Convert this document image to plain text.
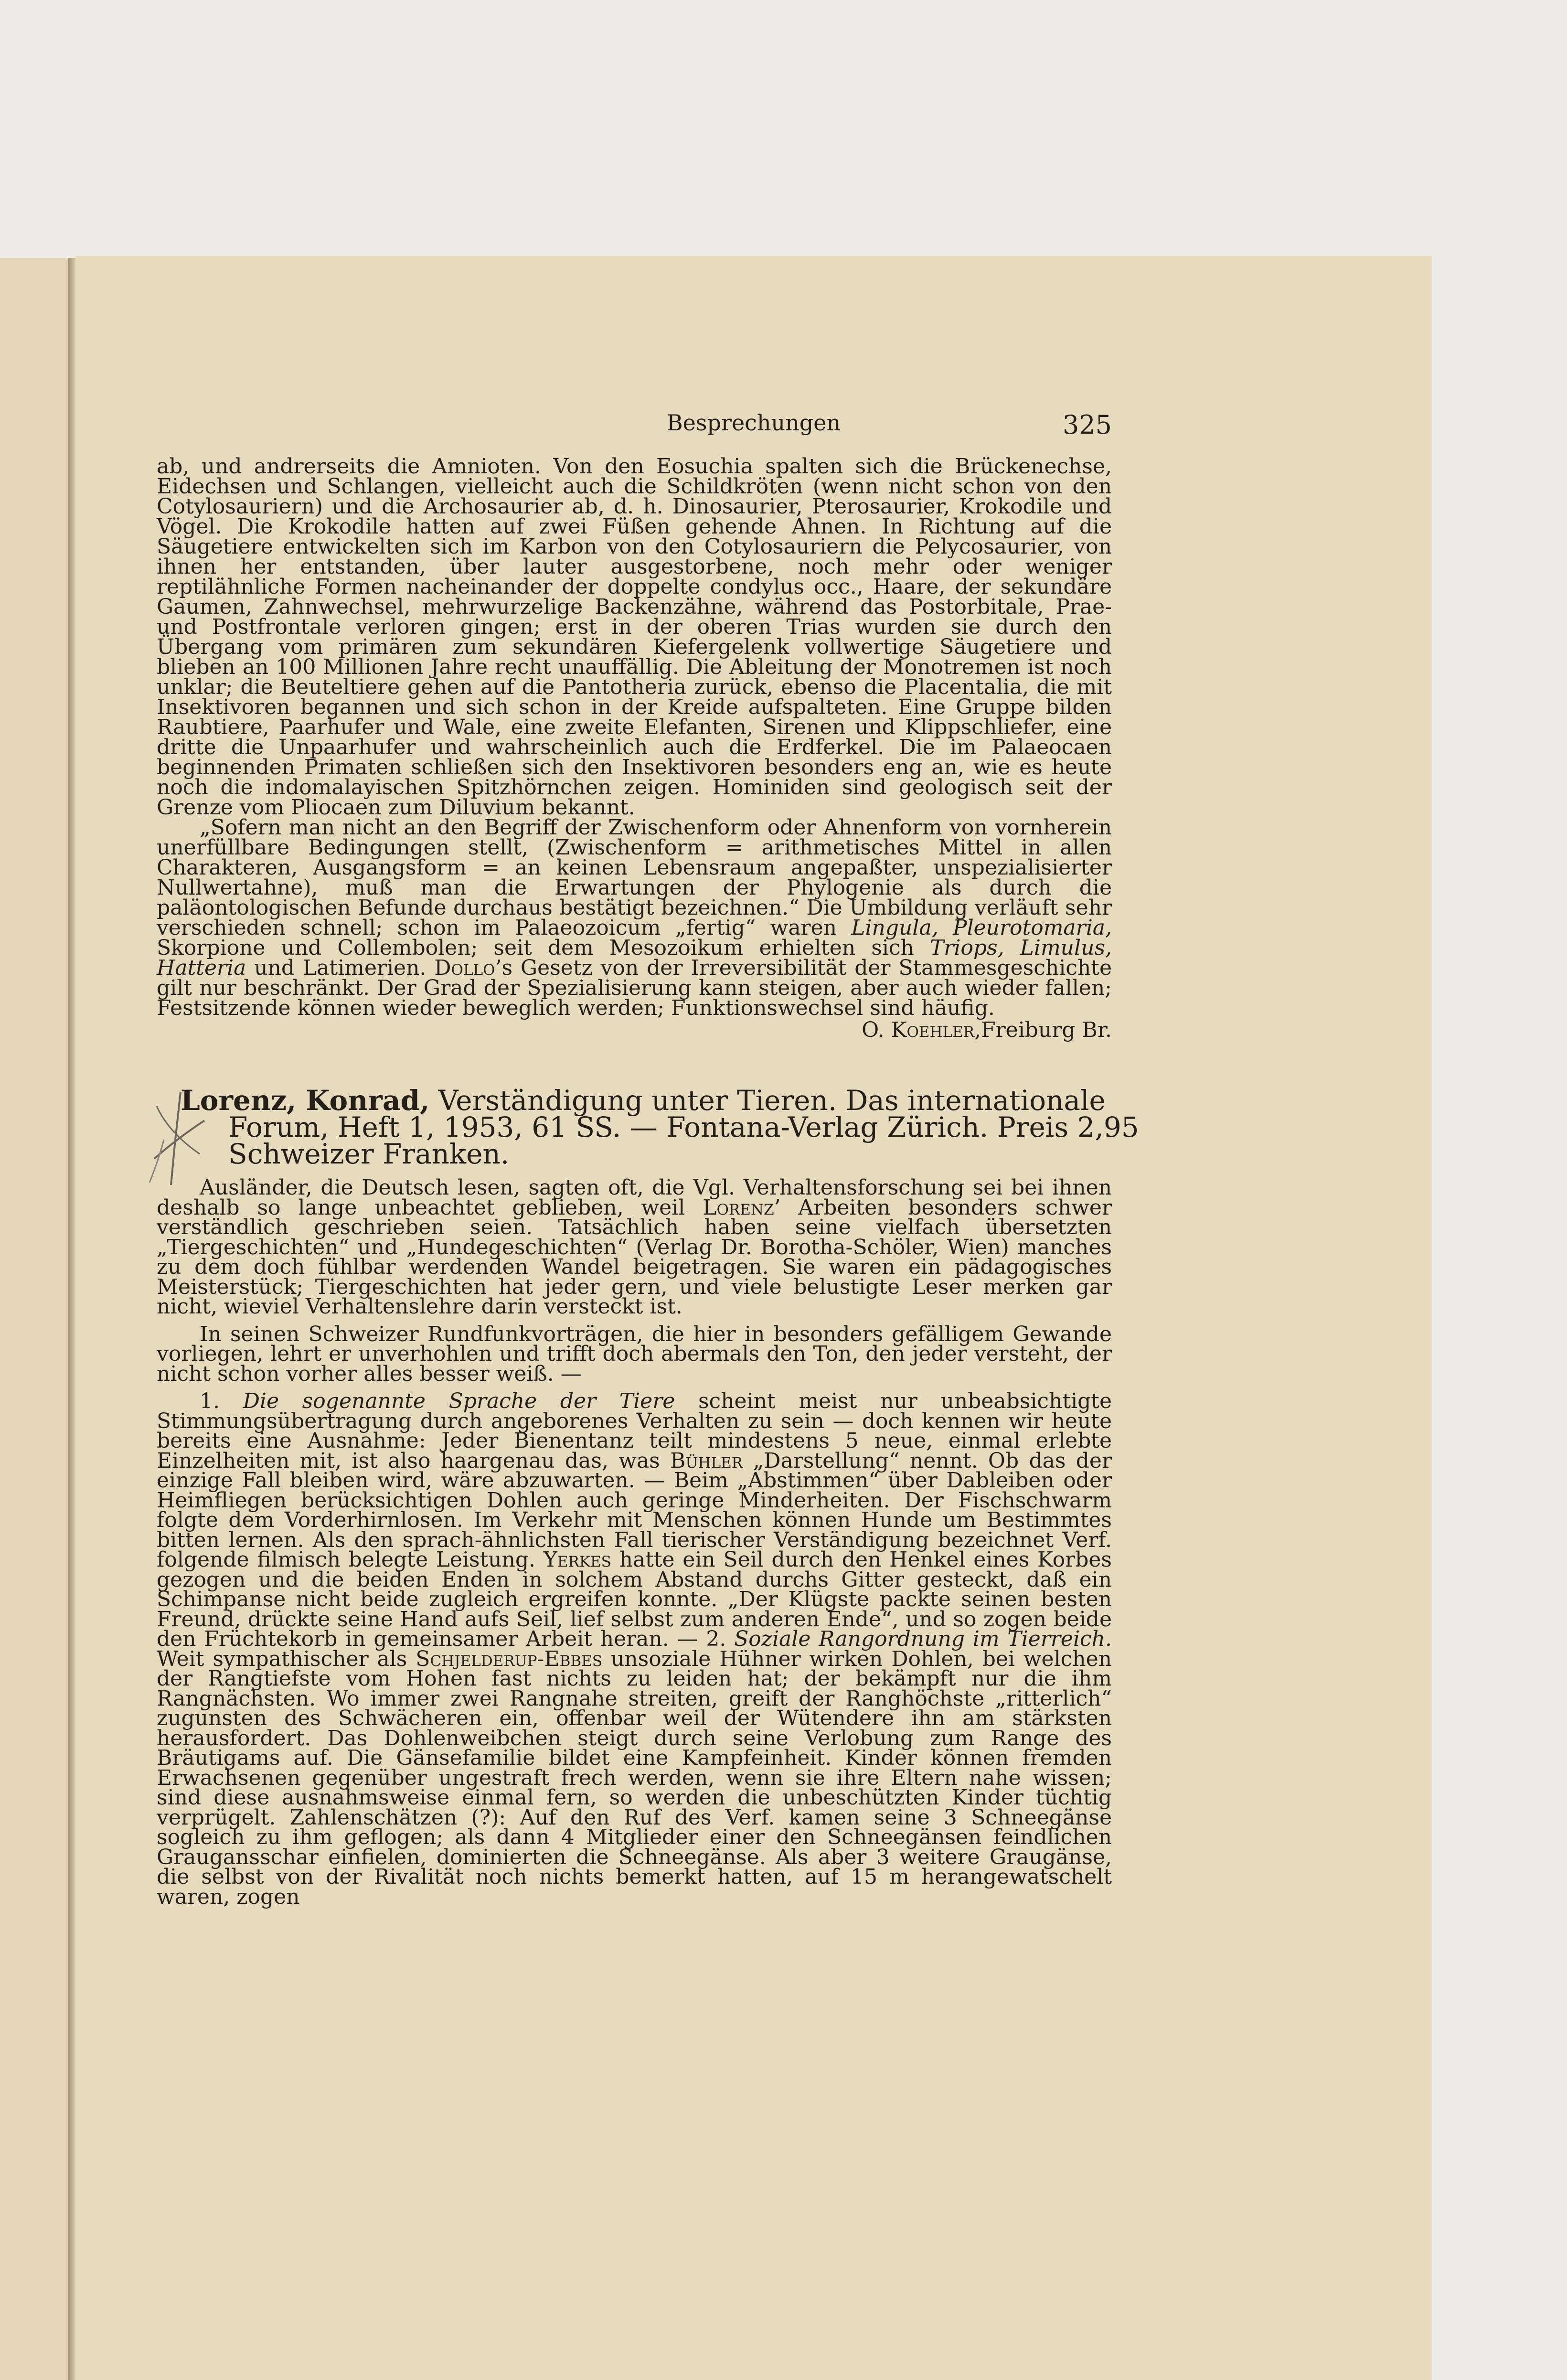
Besprechungen	325

ab, und andrerseits die Amnioten. Von den Eosuchia spalten sich die Brückenechse, Eidechsen und Schlangen, vielleicht auch die Schildkröten (wenn nicht schon von den Cotylosauriern) und die Archosaurier ab, d. h. Dinosaurier, Pterosaurier, Krokodile und Vögel. Die Krokodile hatten auf zwei Füßen gehende Ahnen. In Richtung auf die Säugetiere entwickelten sich im Karbon von den Cotylosauriern die Pelycosaurier, von ihnen her entstanden, über lauter ausgestorbene, noch mehr oder weniger reptilähnliche Formen nacheinander der doppelte condylus occ., Haare, der sekundäre Gaumen, Zahnwechsel, mehrwurzelige Backenzähne, während das Postorbitale, Prae- und Postfrontale verloren gingen; erst in der oberen Trias wurden sie durch den Übergang vom primären zum sekundären Kiefergelenk vollwertige Säugetiere und blieben an 100 Millionen Jahre recht unauffällig. Die Ableitung der Monotremen ist noch unklar; die Beuteltiere gehen auf die Pantotheria zurück, ebenso die Placentalia, die mit Insektivoren begannen und sich schon in der Kreide aufspalteten. Eine Gruppe bilden Raubtiere, Paarhufer und Wale, eine zweite Elefanten, Sirenen und Klippschliefer, eine dritte die Unpaarhufer und wahrscheinlich auch die Erdferkel. Die im Palaeocaen beginnenden Primaten schließen sich den Insektivoren besonders eng an, wie es heute noch die indomalayischen Spitzhörnchen zeigen. Hominiden sind geologisch seit der Grenze vom Pliocaen zum Diluvium bekannt.

„Sofern man nicht an den Begriff der Zwischenform oder Ahnenform von vornherein unerfüllbare Bedingungen stellt, (Zwischenform = arithmetisches Mittel in allen Charakteren, Ausgangsform = an keinen Lebensraum angepaßter, unspezialisierter Nullwertahne), muß man die Erwartungen der Phylogenie als durch die paläontologischen Befunde durchaus bestätigt bezeichnen.“ Die Umbildung verläuft sehr verschieden schnell; schon im Palaeozoicum „fertig“ waren Lingula, Pleurotomaria, Skorpione und Collembolen; seit dem Mesozoikum erhielten sich Triops, Limulus, Hatteria und Latimerien. Dollo’s Gesetz von der Irreversibilität der Stammesgeschichte gilt nur beschränkt. Der Grad der Spezialisierung kann steigen, aber auch wieder fallen; Festsitzende können wieder beweglich werden; Funktionswechsel sind häufig.

O. Koehler,Freiburg Br.

Lorenz, Konrad, Verständigung unter Tieren. Das internationale Forum, Heft 1, 1953, 61 SS. — Fontana-Verlag Zürich. Preis 2,95 Schweizer Franken.

Ausländer, die Deutsch lesen, sagten oft, die Vgl. Verhaltensforschung sei bei ihnen deshalb so lange unbeachtet geblieben, weil Lorenz’ Arbeiten besonders schwer verständlich geschrieben seien. Tatsächlich haben seine vielfach übersetzten „Tiergeschichten“ und „Hundegeschichten“ (Verlag Dr. Borotha-Schöler, Wien) manches zu dem doch fühlbar werdenden Wandel beigetragen. Sie waren ein pädagogisches Meisterstück; Tiergeschichten hat jeder gern, und viele belustigte Leser merken gar nicht, wieviel Verhaltenslehre darin versteckt ist.

In seinen Schweizer Rundfunkvorträgen, die hier in besonders gefälligem Gewande vorliegen, lehrt er unverhohlen und trifft doch abermals den Ton, den jeder versteht, der nicht schon vorher alles besser weiß. —

1. Die sogenannte Sprache der Tiere scheint meist nur unbeabsichtigte Stimmungsübertragung durch angeborenes Verhalten zu sein — doch kennen wir heute bereits eine Ausnahme: Jeder Bienentanz teilt mindestens 5 neue, einmal erlebte Einzelheiten mit, ist also haargenau das, was Bühler „Darstellung“ nennt. Ob das der einzige Fall bleiben wird, wäre abzuwarten. — Beim „Abstimmen“ über Dableiben oder Heimfliegen berücksichtigen Dohlen auch geringe Minderheiten. Der Fischschwarm folgte dem Vorderhirnlosen. Im Verkehr mit Menschen können Hunde um Bestimmtes bitten lernen. Als den sprach-ähnlichsten Fall tierischer Verständigung bezeichnet Verf. folgende filmisch belegte Leistung. Yerkes hatte ein Seil durch den Henkel eines Korbes gezogen und die beiden Enden in solchem Abstand durchs Gitter gesteckt, daß ein Schimpanse nicht beide zugleich ergreifen konnte. „Der Klügste packte seinen besten Freund, drückte seine Hand aufs Seil, lief selbst zum anderen Ende“, und so zogen beide den Früchtekorb in gemeinsamer Arbeit heran. — 2. Soziale Rangordnung im Tierreich. Weit sympathischer als Schjelderup-Ebbes unsoziale Hühner wirken Dohlen, bei welchen der Rangtiefste vom Hohen fast nichts zu leiden hat; der bekämpft nur die ihm Rangnächsten. Wo immer zwei Rangnahe streiten, greift der Ranghöchste „ritterlich“ zugunsten des Schwächeren ein, offenbar weil der Wütendere ihn am stärksten herausfordert. Das Dohlenweibchen steigt durch seine Verlobung zum Range des Bräutigams auf. Die Gänsefamilie bildet eine Kampfeinheit. Kinder können fremden Erwachsenen gegenüber ungestraft frech werden, wenn sie ihre Eltern nahe wissen; sind diese ausnahmsweise einmal fern, so werden die unbeschützten Kinder tüchtig verprügelt. Zahlenschätzen (?): Auf den Ruf des Verf. kamen seine 3 Schneegänse sogleich zu ihm geflogen; als dann 4 Mitglieder einer den Schneegänsen feindlichen Graugansschar einfielen, dominierten die Schneegänse. Als aber 3 weitere Graugänse, die selbst von der Rivalität noch nichts bemerkt hatten, auf 15 m herangewatschelt waren, zogen
